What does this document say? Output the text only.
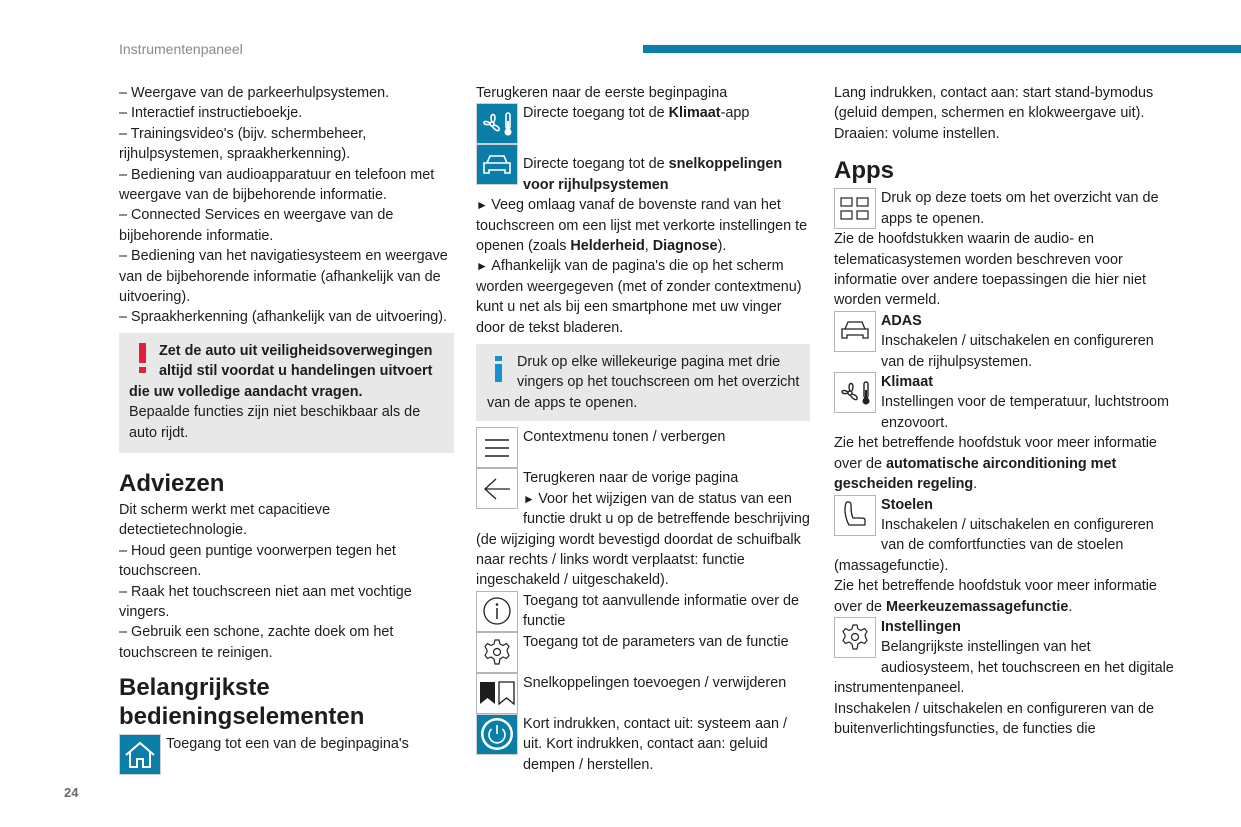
Instrumentenpaneel

– Weergave van de parkeerhulpsystemen.

– Interactief instructieboekje.

– Trainingsvideo's (bijv. schermbeheer, rijhulpsystemen, spraakherkenning).

– Bediening van audioapparatuur en telefoon met weergave van de bijbehorende informatie.

– Connected Services en weergave van de bijbehorende informatie.

– Bediening van het navigatiesysteem en weergave van de bijbehorende informatie (afhankelijk van de uitvoering).

– Spraakherkenning (afhankelijk van de uitvoering).

Zet de auto uit veiligheidsoverwegingen altijd stil voordat u handelingen uitvoert die uw volledige aandacht vragen.

Bepaalde functies zijn niet beschikbaar als de auto rijdt.

Adviezen

Dit scherm werkt met capacitieve detectietechnologie.

– Houd geen puntige voorwerpen tegen het touchscreen.

– Raak het touchscreen niet aan met vochtige vingers.

– Gebruik een schone, zachte doek om het touchscreen te reinigen.

Belangrijkste bedieningselementen
Toegang tot een van de beginpagina's

Terugkeren naar de eerste beginpagina

Directe toegang tot de Klimaat-app
Directe toegang tot de snelkoppelingen voor rijhulpsystemen

► Veeg omlaag vanaf de bovenste rand van het touchscreen om een lijst met verkorte instellingen te openen (zoals Helderheid, Diagnose).

► Afhankelijk van de pagina's die op het scherm worden weergegeven (met of zonder contextmenu) kunt u net als bij een smartphone met uw vinger door de tekst bladeren.

Druk op elke willekeurige pagina met drie vingers op het touchscreen om het overzicht van de apps te openen.

Contextmenu tonen / verbergen

Terugkeren naar de vorige pagina

► Voor het wijzigen van de status van een functie drukt u op de betreffende beschrijving (de wijziging wordt bevestigd doordat de schuifbalk naar rechts / links wordt verplaatst: functie ingeschakeld / uitgeschakeld).

Toegang tot aanvullende informatie over de functie
Toegang tot de parameters van de functie
Snelkoppelingen toevoegen / verwijderen

Kort indrukken, contact uit: systeem aan / uit. Kort indrukken, contact aan: geluid dempen / herstellen.

Lang indrukken, contact aan: start stand-bymodus (geluid dempen, schermen en klokweergave uit). Draaien: volume instellen.

Apps
Druk op deze toets om het overzicht van de apps te openen.

Zie de hoofdstukken waarin de audio- en telematicasystemen worden beschreven voor informatie over andere toepassingen die hier niet worden vermeld.

ADAS

Inschakelen / uitschakelen en configureren van de rijhulpsystemen.

Klimaat

Instellingen voor de temperatuur, luchtstroom enzovoort.

Zie het betreffende hoofdstuk voor meer informatie over de automatische airconditioning met gescheiden regeling.

Stoelen

Inschakelen / uitschakelen en configureren van de comfortfuncties van de stoelen (massagefunctie).

Zie het betreffende hoofdstuk voor meer informatie over de Meerkeuzemassagefunctie.

Instellingen

Belangrijkste instellingen van het audiosysteem, het touchscreen en het digitale instrumentenpaneel.

Inschakelen / uitschakelen en configureren van de buitenverlichtingsfuncties, de functies die

24
